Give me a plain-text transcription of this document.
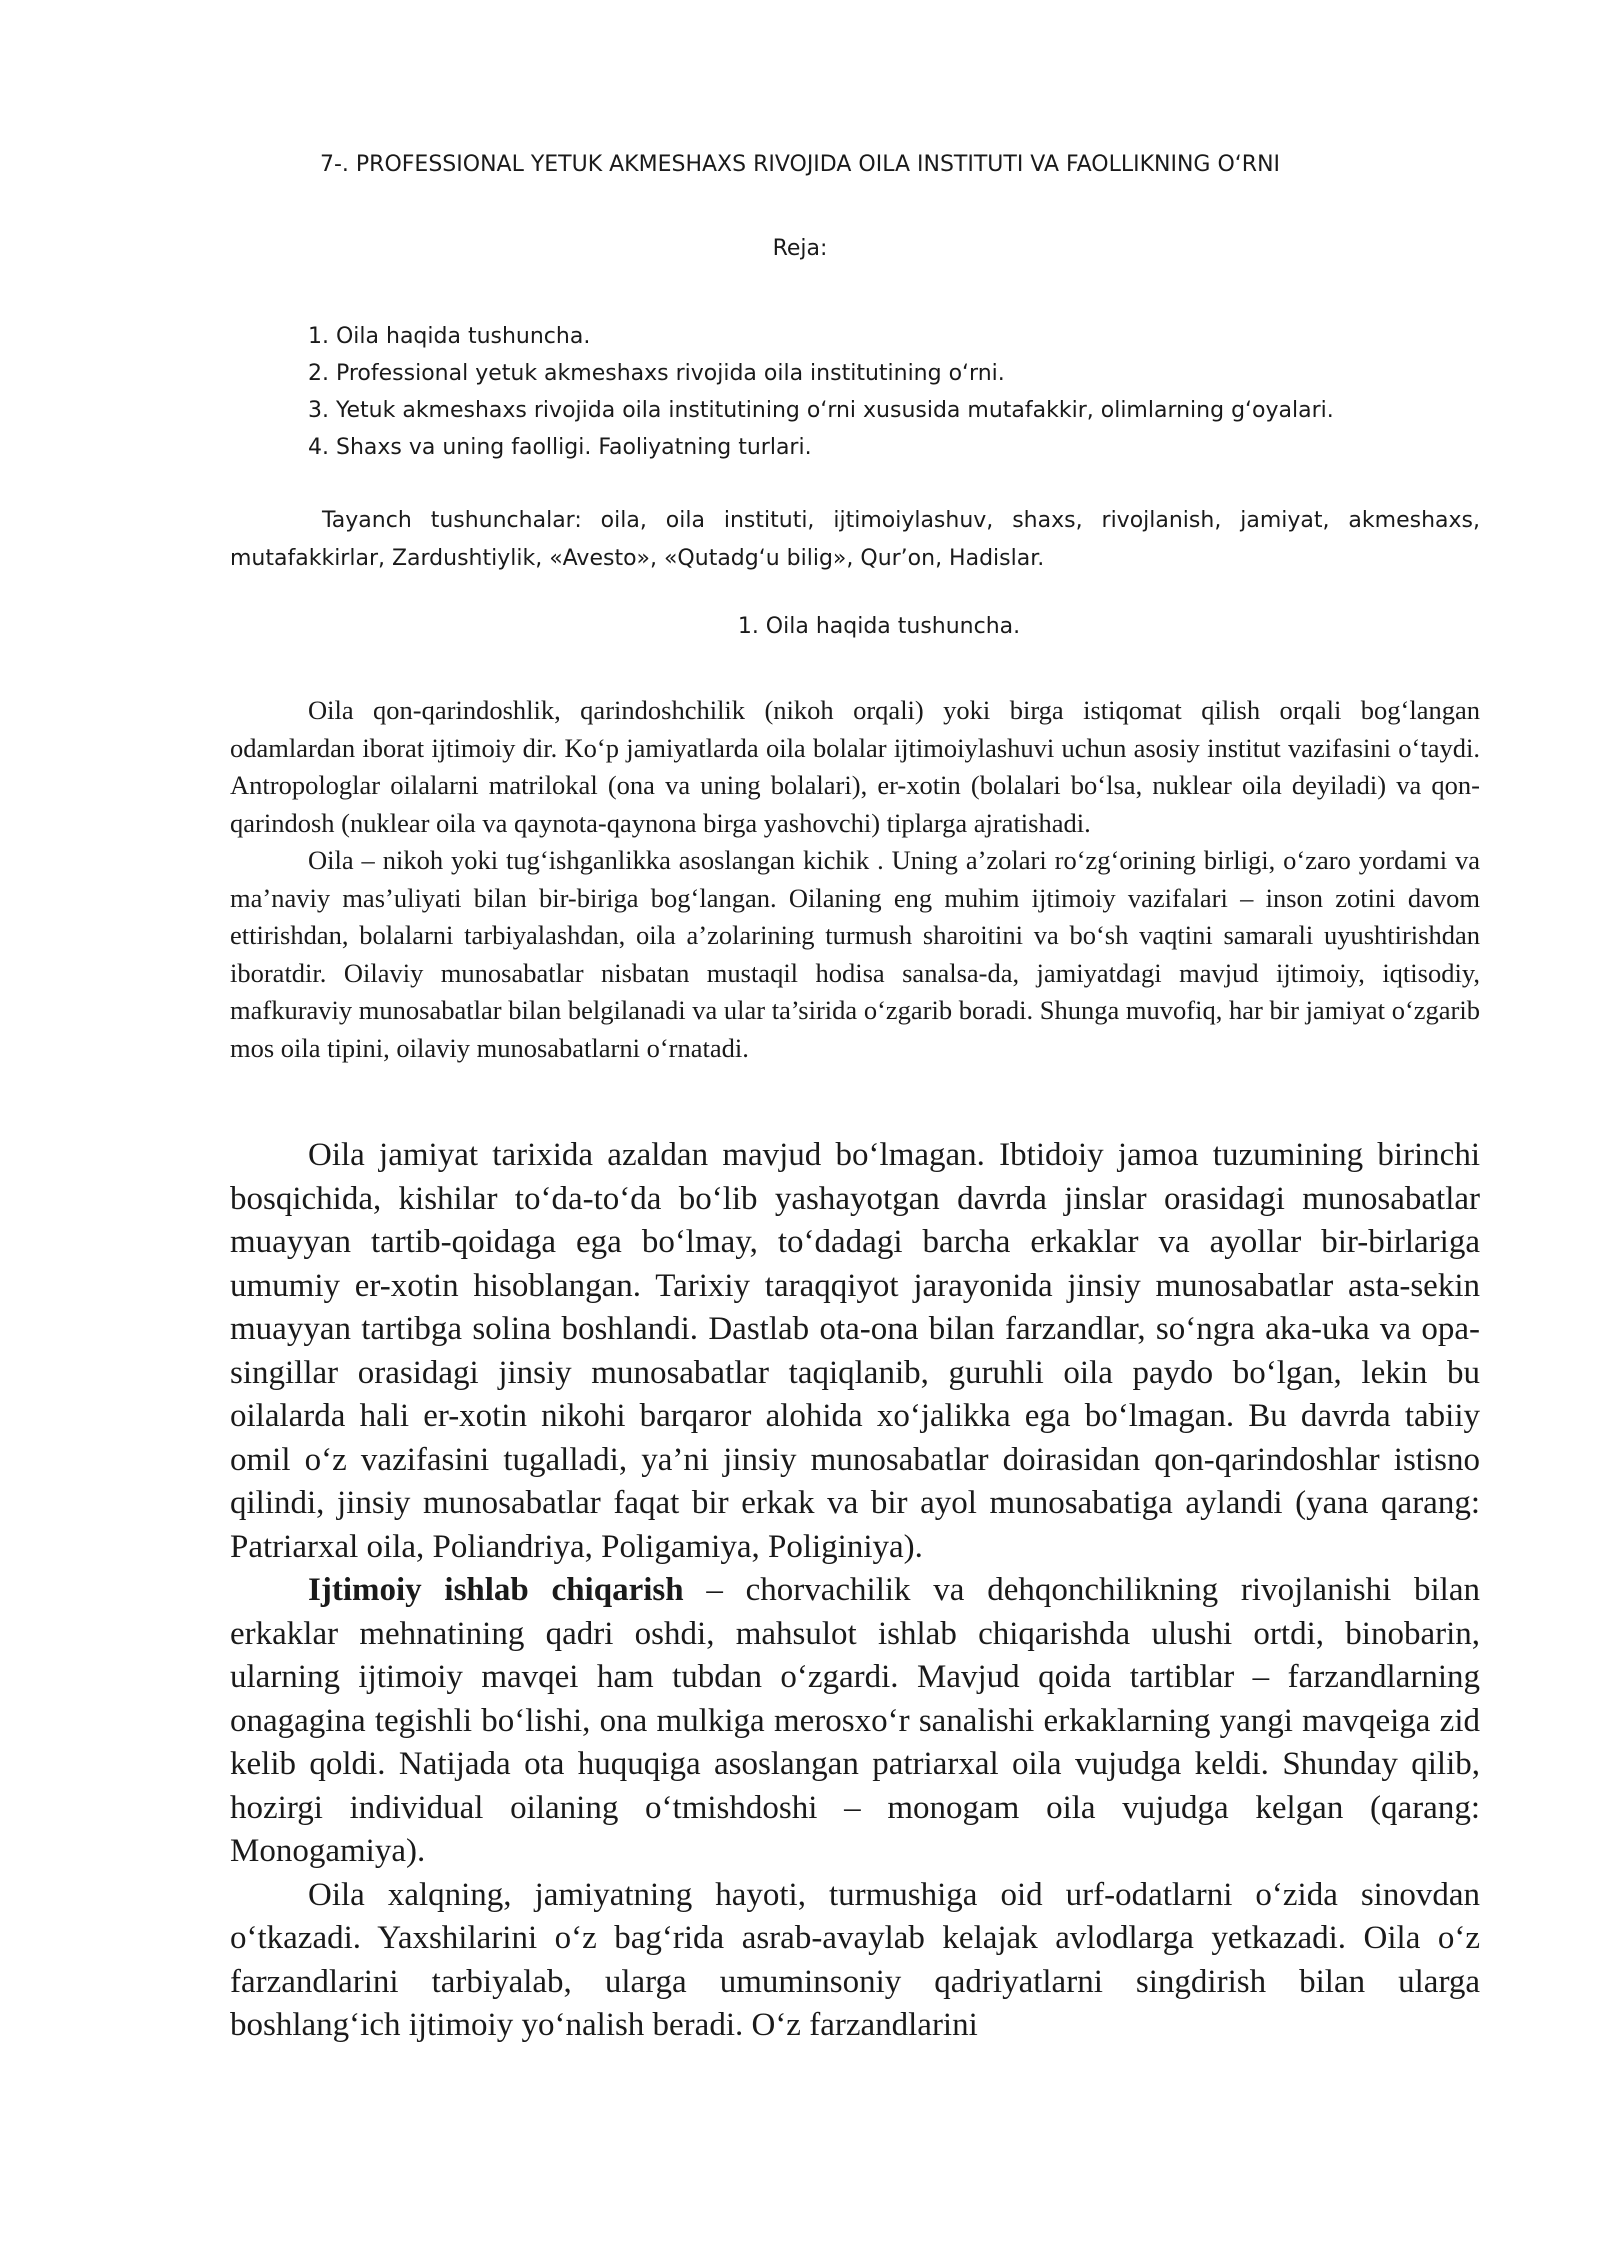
7-. PROFESSIONAL YETUK AKMESHAXS RIVOJIDA OILA INSTITUTI VA FAOLLIKNING O‘RNI
Reja:
1. Oila haqida tushuncha.
2. Professional yetuk akmeshaxs rivojida oila institutining o‘rni.
3. Yetuk akmeshaxs rivojida oila institutining o‘rni xususida mutafakkir, olimlarning g‘oyalari.
4. Shaxs va uning faolligi. Faoliyatning turlari.

Tayanch tushunchalar: oila, oila instituti, ijtimoiylashuv, shaxs, rivojlanish, jamiyat, akmeshaxs, mutafakkirlar, Zardushtiylik, «Avesto», «Qutadg‘u bilig», Qur’on, Hadislar.

1. Oila haqida tushuncha.

Oila qon-qarindoshlik, qarindoshchilik (nikoh orqali) yoki birga istiqomat qilish orqali bog‘langan odamlardan iborat ijtimoiy dir. Ko‘p jamiyatlarda oila bolalar ijtimoiylashuvi uchun asosiy institut vazifasini o‘taydi. Antropologlar oilalarni matrilokal (ona va uning bolalari), er-xotin (bolalari bo‘lsa, nuklear oila deyiladi) va qon-qarindosh (nuklear oila va qaynota-qaynona birga yashovchi) tiplarga ajratishadi.

Oila – nikoh yoki tug‘ishganlikka asoslangan kichik . Uning a’zolari ro‘zg‘orining birligi, o‘zaro yordami va ma’naviy mas’uliyati bilan bir-biriga bog‘langan. Oilaning eng muhim ijtimoiy vazifalari – inson zotini davom ettirishdan, bolalarni tarbiyalashdan, oila a’zolarining turmush sharoitini va bo‘sh vaqtini samarali uyushtirishdan iboratdir. Oilaviy munosabatlar nisbatan mustaqil hodisa sanalsa-da, jamiyatdagi mavjud ijtimoiy, iqtisodiy, mafkuraviy munosabatlar bilan belgilanadi va ular ta’sirida o‘zgarib boradi. Shunga muvofiq, har bir jamiyat o‘zgarib mos oila tipini, oilaviy munosabatlarni o‘rnatadi.

Oila jamiyat tarixida azaldan mavjud bo‘lmagan. Ibtidoiy jamoa tuzumining birinchi bosqichida, kishilar to‘da-to‘da bo‘lib yashayotgan davrda jinslar orasidagi munosabatlar muayyan tartib-qoidaga ega bo‘lmay, to‘dadagi barcha erkaklar va ayollar bir-birlariga umumiy er-xotin hisoblangan. Tarixiy taraqqiyot jarayonida jinsiy munosabatlar asta-sekin muayyan tartibga solina boshlandi. Dastlab ota-ona bilan farzandlar, so‘ngra aka-uka va opa-singillar orasidagi jinsiy munosabatlar taqiqlanib, guruhli oila paydo bo‘lgan, lekin bu oilalarda hali er-xotin nikohi barqaror alohida xo‘jalikka ega bo‘lmagan. Bu davrda tabiiy omil o‘z vazifasini tugalladi, ya’ni jinsiy munosabatlar doirasidan qon-qarindoshlar istisno qilindi, jinsiy munosabatlar faqat bir erkak va bir ayol munosabatiga aylandi (yana qarang: Patriarxal oila, Poliandriya, Poligamiya, Poliginiya).

Ijtimoiy ishlab chiqarish – chorvachilik va dehqonchilikning rivojlanishi bilan erkaklar mehnatining qadri oshdi, mahsulot ishlab chiqarishda ulushi ortdi, binobarin, ularning ijtimoiy mavqei ham tubdan o‘zgardi. Mavjud qoida tartiblar – farzandlarning onagagina tegishli bo‘lishi, ona mulkiga merosxo‘r sanalishi erkaklarning yangi mavqeiga zid kelib qoldi. Natijada ota huquqiga asoslangan patriarxal oila vujudga keldi. Shunday qilib, hozirgi individual oilaning o‘tmishdoshi – monogam oila vujudga kelgan (qarang: Monogamiya).

Oila xalqning, jamiyatning hayoti, turmushiga oid urf-odatlarni o‘zida sinovdan o‘tkazadi. Yaxshilarini o‘z bag‘rida asrab-avaylab kelajak avlodlarga yetkazadi. Oila o‘z farzandlarini tarbiyalab, ularga umuminsoniy qadriyatlarni singdirish bilan ularga boshlang‘ich ijtimoiy yo‘nalish beradi. O‘z farzandlarini
